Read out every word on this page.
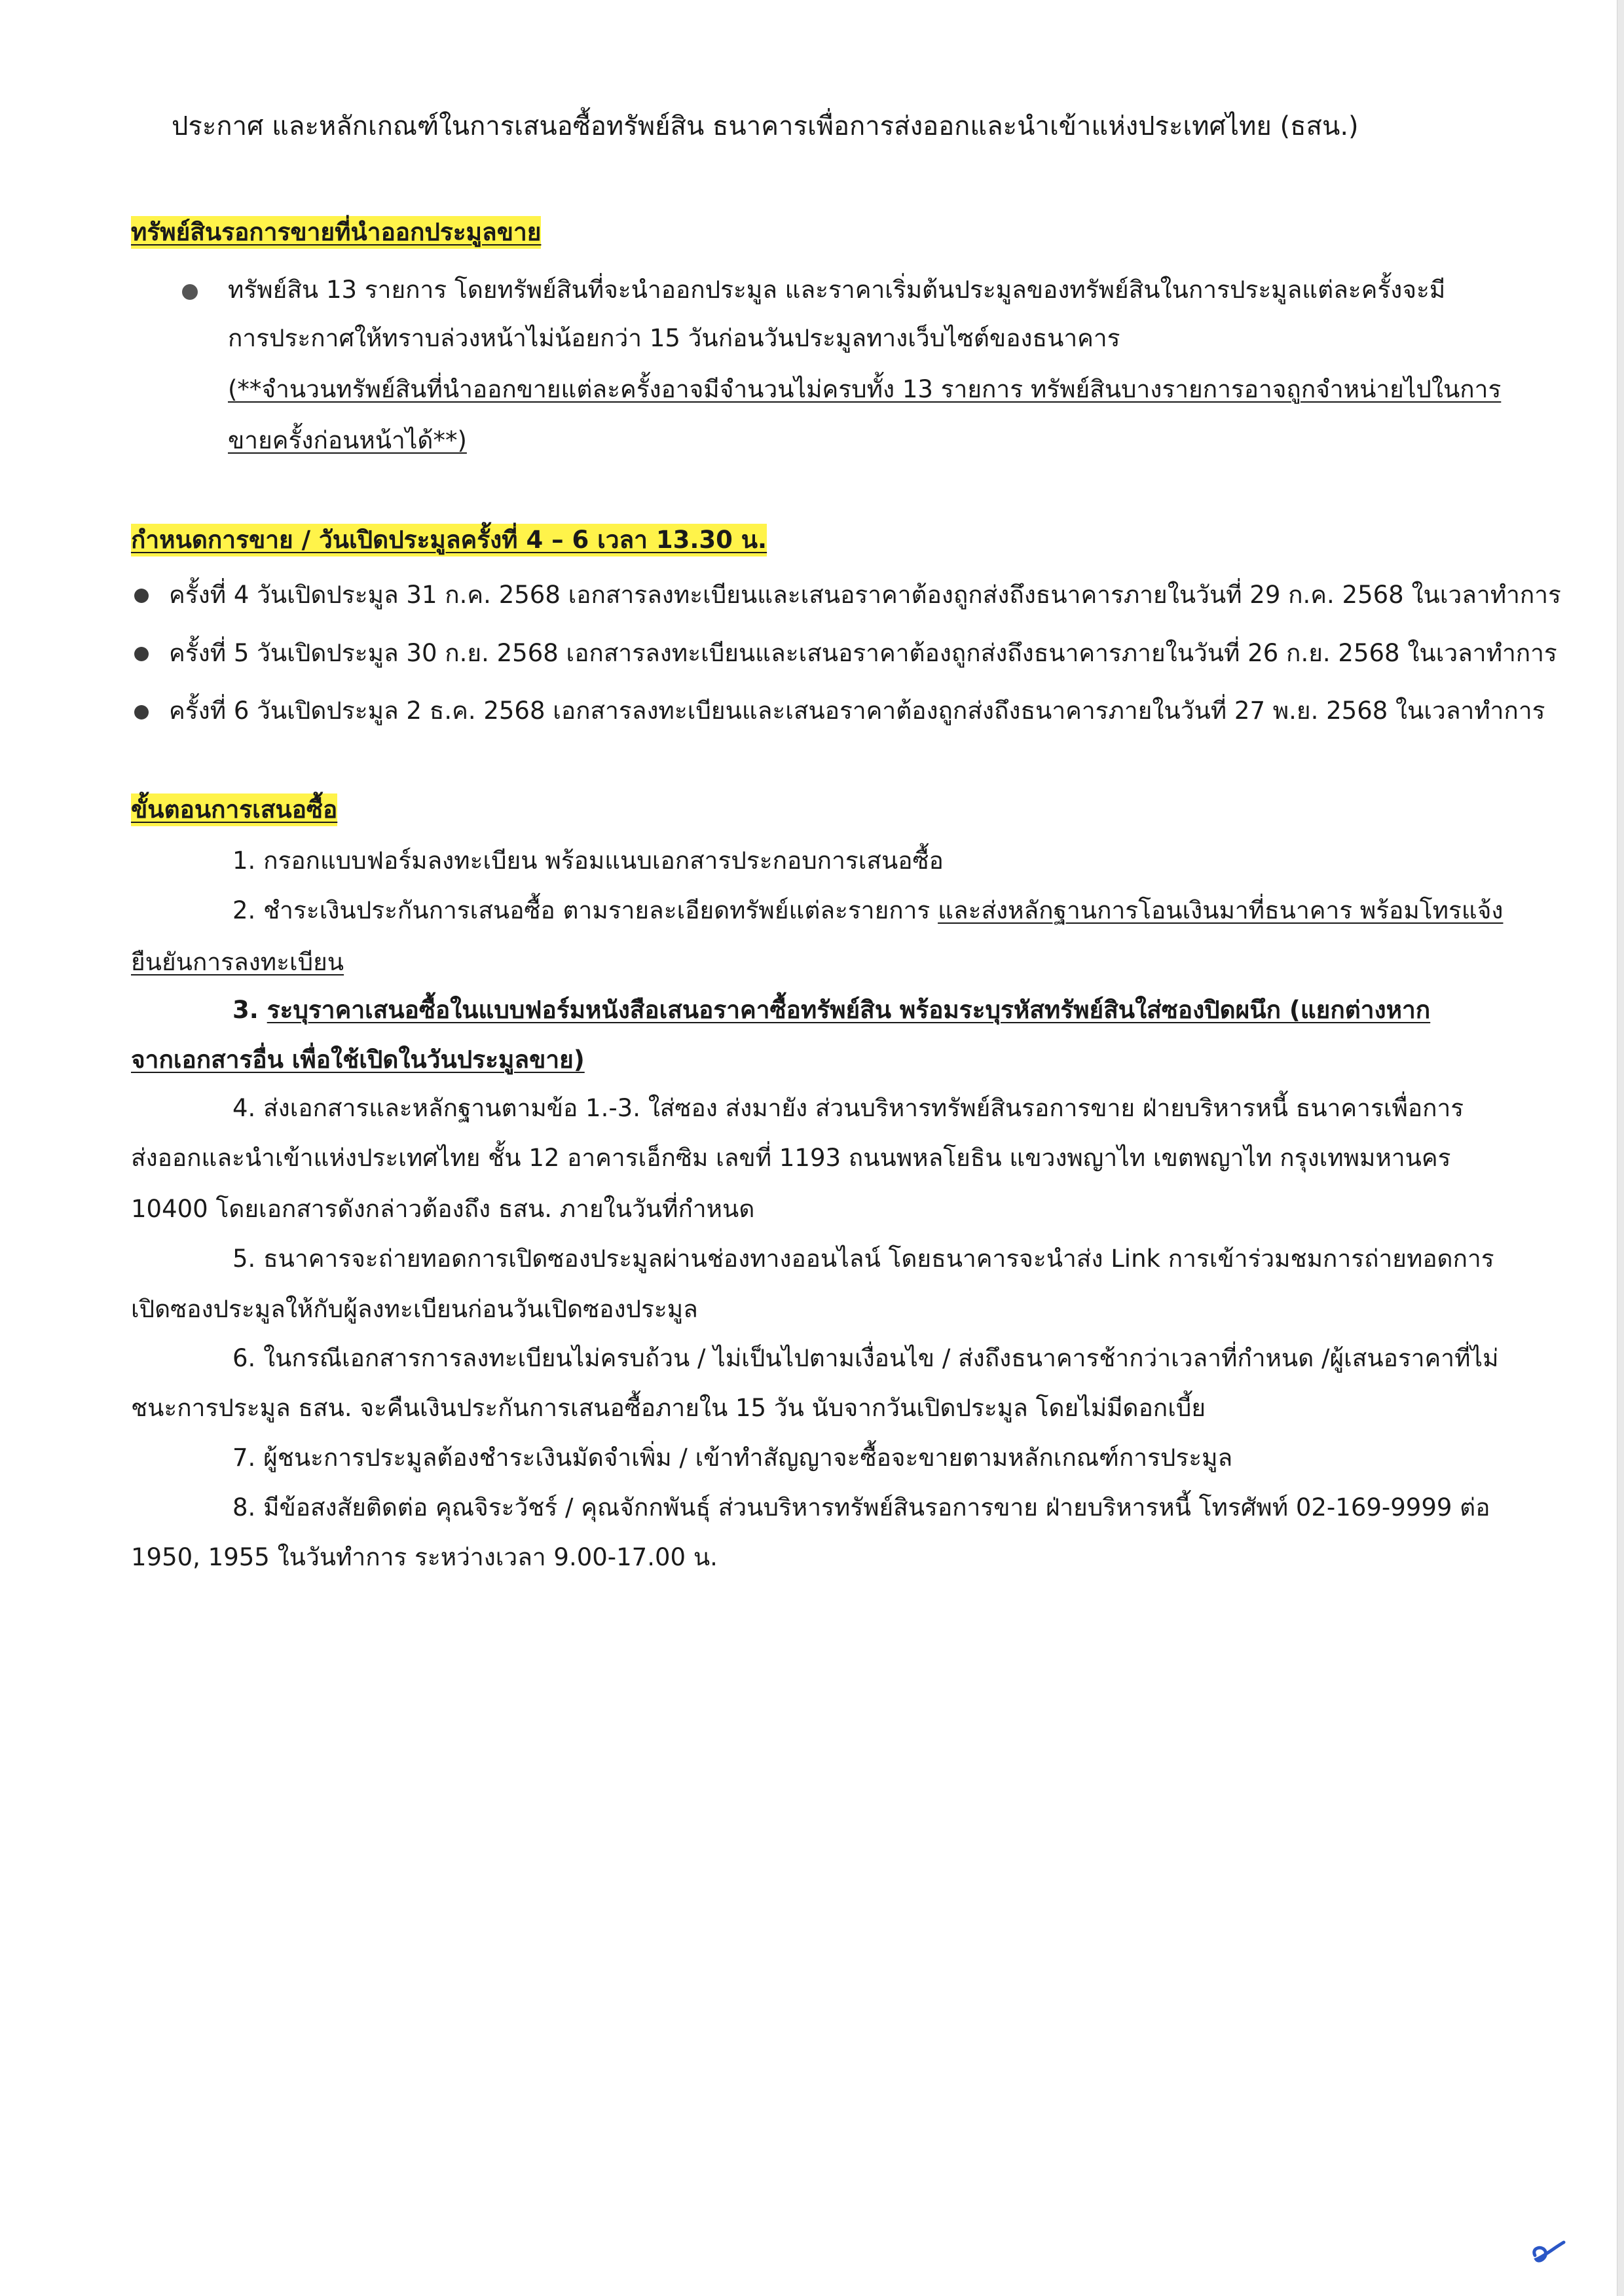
ประกาศ และหลักเกณฑ์ในการเสนอซื้อทรัพย์สิน ธนาคารเพื่อการส่งออกและนำเข้าแห่งประเทศไทย (ธสน.)
ทรัพย์สินรอการขายที่นำออกประมูลขาย
ทรัพย์สิน 13 รายการ โดยทรัพย์สินที่จะนำออกประมูล และราคาเริ่มต้นประมูลของทรัพย์สินในการประมูลแต่ละครั้งจะมี
การประกาศให้ทราบล่วงหน้าไม่น้อยกว่า 15 วันก่อนวันประมูลทางเว็บไซต์ของธนาคาร
(**จำนวนทรัพย์สินที่นำออกขายแต่ละครั้งอาจมีจำนวนไม่ครบทั้ง 13 รายการ ทรัพย์สินบางรายการอาจถูกจำหน่ายไปในการ
ขายครั้งก่อนหน้าได้**)
กำหนดการขาย / วันเปิดประมูลครั้งที่ 4 – 6 เวลา 13.30 น.
ครั้งที่ 4 วันเปิดประมูล 31 ก.ค. 2568 เอกสารลงทะเบียนและเสนอราคาต้องถูกส่งถึงธนาคารภายในวันที่ 29 ก.ค. 2568 ในเวลาทำการ
ครั้งที่ 5 วันเปิดประมูล 30 ก.ย. 2568 เอกสารลงทะเบียนและเสนอราคาต้องถูกส่งถึงธนาคารภายในวันที่ 26 ก.ย. 2568 ในเวลาทำการ
ครั้งที่ 6 วันเปิดประมูล 2 ธ.ค. 2568 เอกสารลงทะเบียนและเสนอราคาต้องถูกส่งถึงธนาคารภายในวันที่ 27 พ.ย. 2568 ในเวลาทำการ
ขั้นตอนการเสนอซื้อ
1. กรอกแบบฟอร์มลงทะเบียน พร้อมแนบเอกสารประกอบการเสนอซื้อ
2. ชำระเงินประกันการเสนอซื้อ ตามรายละเอียดทรัพย์แต่ละรายการ และส่งหลักฐานการโอนเงินมาที่ธนาคาร พร้อมโทรแจ้ง
ยืนยันการลงทะเบียน
3. ระบุราคาเสนอซื้อในแบบฟอร์มหนังสือเสนอราคาซื้อทรัพย์สิน พร้อมระบุรหัสทรัพย์สินใส่ซองปิดผนึก (แยกต่างหาก
จากเอกสารอื่น เพื่อใช้เปิดในวันประมูลขาย)
4. ส่งเอกสารและหลักฐานตามข้อ 1.-3. ใส่ซอง ส่งมายัง ส่วนบริหารทรัพย์สินรอการขาย ฝ่ายบริหารหนี้ ธนาคารเพื่อการ
ส่งออกและนำเข้าแห่งประเทศไทย ชั้น 12 อาคารเอ็กซิม เลขที่ 1193 ถนนพหลโยธิน แขวงพญาไท เขตพญาไท กรุงเทพมหานคร
10400 โดยเอกสารดังกล่าวต้องถึง ธสน. ภายในวันที่กำหนด
5. ธนาคารจะถ่ายทอดการเปิดซองประมูลผ่านช่องทางออนไลน์ โดยธนาคารจะนำส่ง Link การเข้าร่วมชมการถ่ายทอดการ
เปิดซองประมูลให้กับผู้ลงทะเบียนก่อนวันเปิดซองประมูล
6. ในกรณีเอกสารการลงทะเบียนไม่ครบถ้วน / ไม่เป็นไปตามเงื่อนไข / ส่งถึงธนาคารช้ากว่าเวลาที่กำหนด /ผู้เสนอราคาที่ไม่
ชนะการประมูล ธสน. จะคืนเงินประกันการเสนอซื้อภายใน 15 วัน นับจากวันเปิดประมูล โดยไม่มีดอกเบี้ย
7. ผู้ชนะการประมูลต้องชำระเงินมัดจำเพิ่ม / เข้าทำสัญญาจะซื้อจะขายตามหลักเกณฑ์การประมูล
8. มีข้อสงสัยติดต่อ คุณจิระวัชร์ / คุณจักกพันธุ์ ส่วนบริหารทรัพย์สินรอการขาย ฝ่ายบริหารหนี้ โทรศัพท์ 02-169-9999 ต่อ
1950, 1955 ในวันทำการ ระหว่างเวลา 9.00-17.00 น.
